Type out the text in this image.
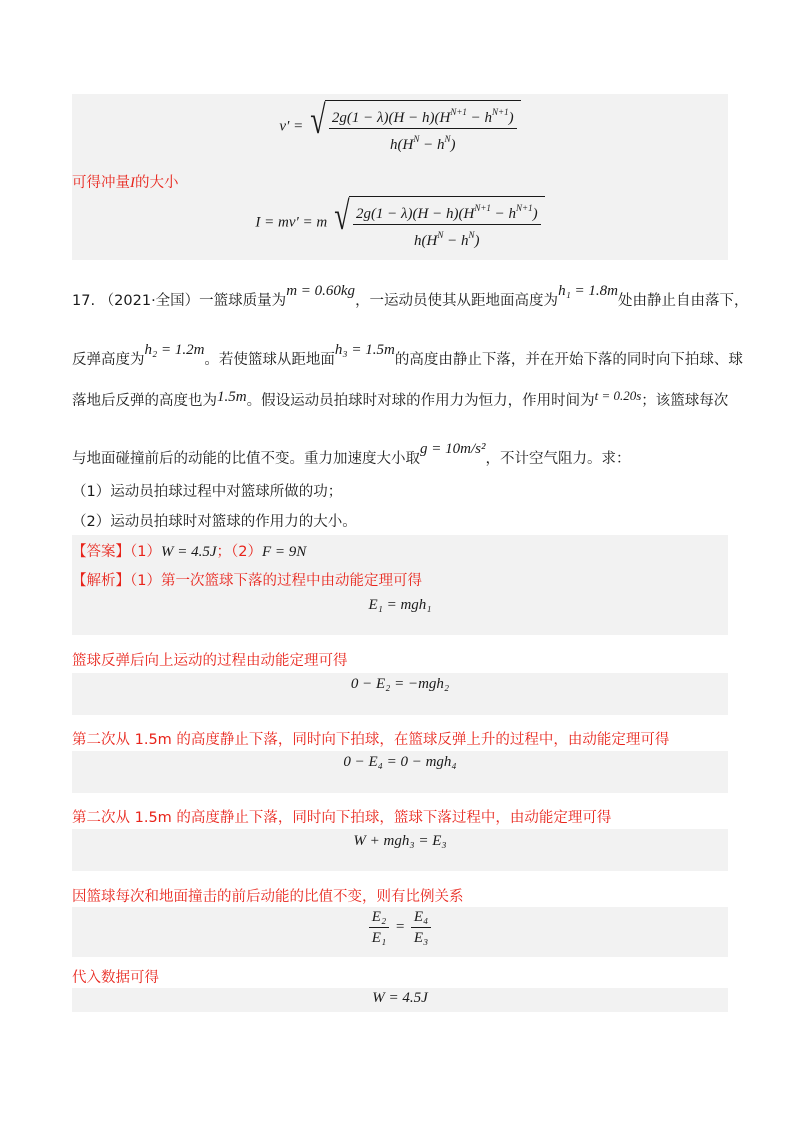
v′ = √ $\frac{2g(1 - \lambda)(H - h)(H^{N+1} - h^{N+1})}{h(H^N - h^N)}$
可得冲量I的大小
I = mv′ = m √ $\frac{2g(1 - \lambda)(H - h)(H^{N+1} - h^{N+1})}{h(H^N - h^N)}$
17. （2021·全国）一篮球质量为m = 0.60kg，一运动员使其从距地面高度为h₁ = 1.8m处由静止自由落下，
反弹高度为h₂ = 1.2m。若使篮球从距地面h₃ = 1.5m的高度由静止下落，并在开始下落的同时向下拍球、球
落地后反弹的高度也为1.5m。假设运动员拍球时对球的作用力为恒力，作用时间为t = 0.20s；该篮球每次
与地面碰撞前后的动能的比值不变。重力加速度大小取g = 10m/s²，不计空气阻力。求：
（1）运动员拍球过程中对篮球所做的功；
（2）运动员拍球时对篮球的作用力的大小。
【答案】（1）W = 4.5J；（2）F = 9N
【解析】（1）第一次篮球下落的过程中由动能定理可得
E₁ = mgh₁
篮球反弹后向上运动的过程由动能定理可得
0 − E₂ = −mgh₂
第二次从 1.5m 的高度静止下落，同时向下拍球，在篮球反弹上升的过程中，由动能定理可得
0 − E₄ = 0 − mgh₄
第二次从 1.5m 的高度静止下落，同时向下拍球，篮球下落过程中，由动能定理可得
W + mgh₃ = E₃
因篮球每次和地面撞击的前后动能的比值不变，则有比例关系
$\frac{\text{E₂}}{\text{E₁}} = \frac{\text{E₄}}{\text{E₃}}$
代入数据可得
W = 4.5J
